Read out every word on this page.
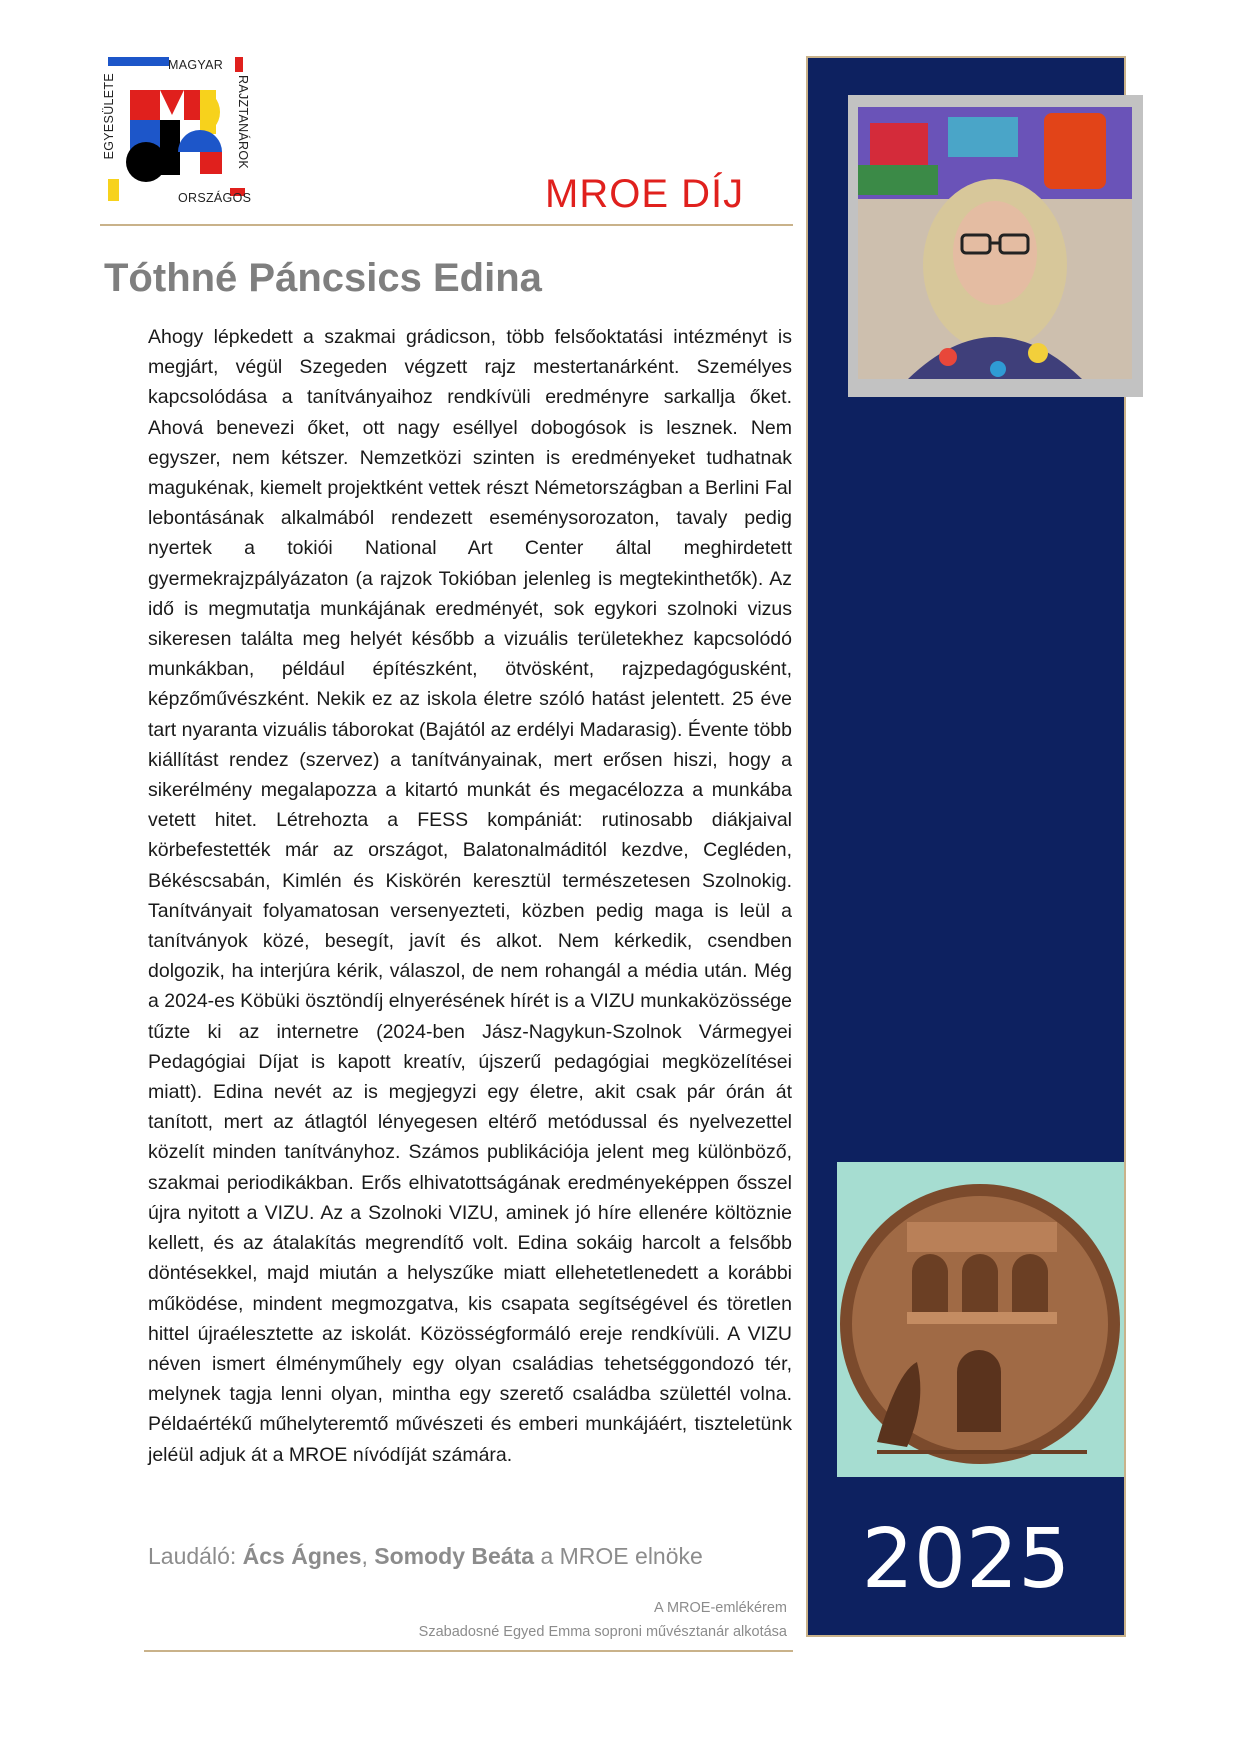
MAGYAR
ORSZÁGOS
RAJZTANÁROK
EGYESÜLETE
MROE DÍJ
Tóthné Páncsics Edina
Ahogy lépkedett a szakmai grádicson, több felsőoktatási intézményt is megjárt, végül Szegeden végzett rajz mestertanárként. Személyes kapcsolódása a tanítványaihoz rendkívüli eredményre sarkallja őket. Ahová benevezi őket, ott nagy eséllyel dobogósok is lesznek. Nem egyszer, nem kétszer. Nemzetközi szinten is eredményeket tudhatnak magukénak, kiemelt projektként vettek részt Németországban a Berlini Fal lebontásának alkalmából rendezett eseménysorozaton, tavaly pedig nyertek a tokiói National Art Center által meghirdetett gyermekrajzpályázaton (a rajzok Tokióban jelenleg is megtekinthetők). Az idő is megmutatja munkájának eredményét, sok egykori szolnoki vizus sikeresen találta meg helyét később a vizuális területekhez kapcsolódó munkákban, például építészként, ötvösként, rajzpedagógusként, képzőművészként. Nekik ez az iskola életre szóló hatást jelentett. 25 éve tart nyaranta vizuális táborokat (Bajától az erdélyi Madarasig). Évente több kiállítást rendez (szervez) a tanítványainak, mert erősen hiszi, hogy a sikerélmény megalapozza a kitartó munkát és megacélozza a munkába vetett hitet. Létrehozta a FESS kompániát: rutinosabb diákjaival körbefestették már az országot, Balatonalmáditól kezdve, Cegléden, Békéscsabán, Kimlén és Kiskörén keresztül természetesen Szolnokig. Tanítványait folyamatosan versenyezteti, közben pedig maga is leül a tanítványok közé, besegít, javít és alkot. Nem kérkedik, csendben dolgozik, ha interjúra kérik, válaszol, de nem rohangál a média után. Még a 2024-es Köbüki ösztöndíj elnyerésének hírét is a VIZU munkaközössége tűzte ki az internetre (2024-ben Jász-Nagykun-Szolnok Vármegyei Pedagógiai Díjat is kapott kreatív, újszerű pedagógiai megközelítései miatt). Edina nevét az is megjegyzi egy életre, akit csak pár órán át tanított, mert az átlagtól lényegesen eltérő metódussal és nyelvezettel közelít minden tanítványhoz. Számos publikációja jelent meg különböző, szakmai periodikákban. Erős elhivatottságának eredményeképpen ősszel újra nyitott a VIZU. Az a Szolnoki VIZU, aminek jó híre ellenére költöznie kellett, és az átalakítás megrendítő volt. Edina sokáig harcolt a felsőbb döntésekkel, majd miután a helyszűke miatt ellehetetlenedett a korábbi működése, mindent megmozgatva, kis csapata segítségével és töretlen hittel újraélesztette az iskolát. Közösségformáló ereje rendkívüli. A VIZU néven ismert élményműhely egy olyan családias tehetséggondozó tér, melynek tagja lenni olyan, mintha egy szerető családba születtél volna. Példaértékű műhelyteremtő művészeti és emberi munkájáért, tiszteletünk jeléül adjuk át a MROE nívódíját számára.
Laudáló: Ács Ágnes, Somody Beáta a MROE elnöke
A MROE-emlékérem
Szabadosné Egyed Emma soproni művésztanár alkotása
2025
